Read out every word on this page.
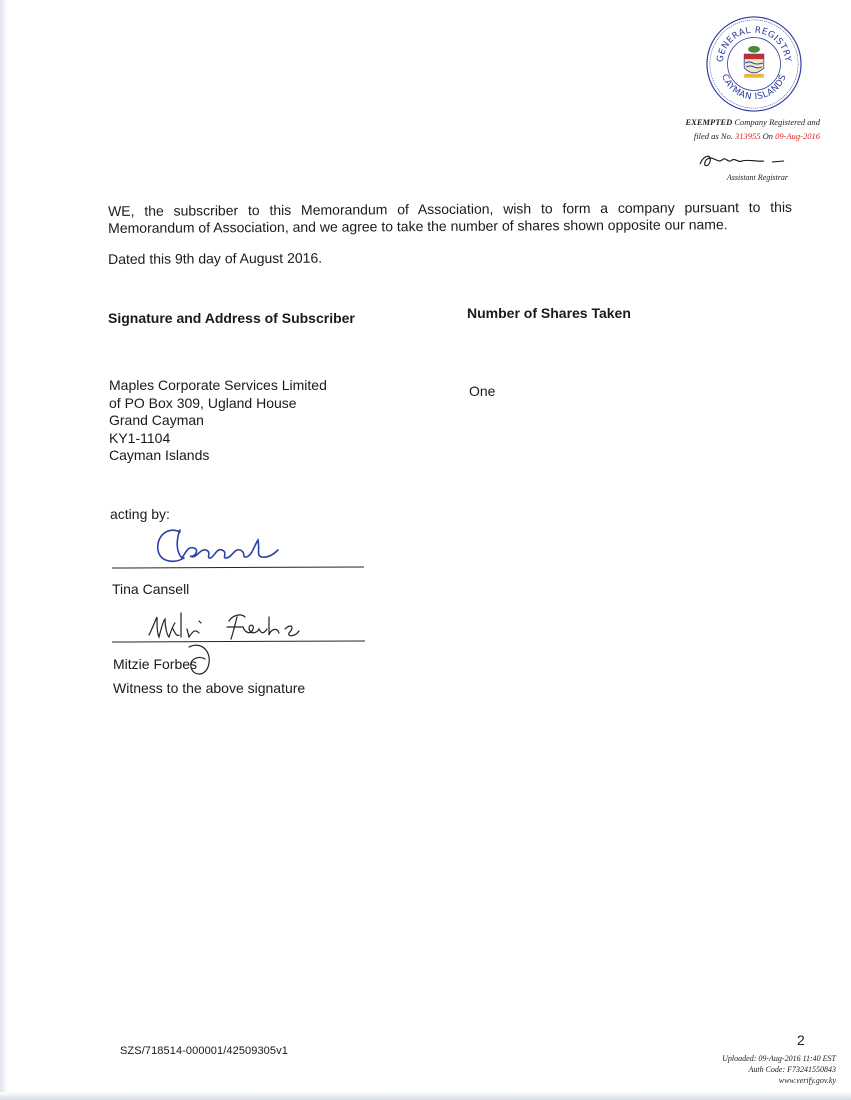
GENERAL REGISTRY
CAYMAN ISLANDS
EXEMPTED Company Registered and
filed as No. 313955 On 09-Aug-2016
Assistant Registrar
WE, the subscriber to this Memorandum of Association, wish to form a company pursuant to this Memorandum of Association, and we agree to take the number of shares shown opposite our name.
Dated this 9th day of August 2016.
Signature and Address of Subscriber	Number of Shares Taken
Maples Corporate Services Limited
of PO Box 309, Ugland House
Grand Cayman
KY1-1104
Cayman Islands
One
acting by:
Tina Cansell
Mitzie Forbes
Witness to the above signature
2
SZS/718514-000001/42509305v1
Uploaded: 09-Aug-2016 11:40 EST
Auth Code: F73241550843
www.verify.gov.ky
